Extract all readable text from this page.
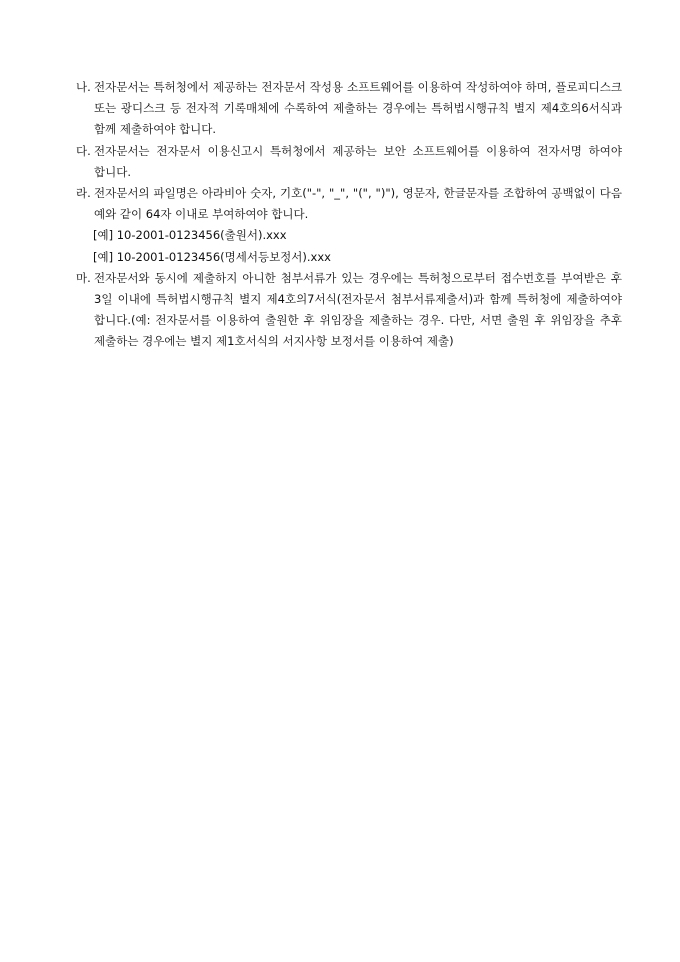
나. 전자문서는 특허청에서 제공하는 전자문서 작성용 소프트웨어를 이용하여 작성하여야 하며, 플로피디스크 또는 광디스크 등 전자적 기록매체에 수록하여 제출하는 경우에는 특허법시행규칙 별지 제4호의6서식과 함께 제출하여야 합니다.
다. 전자문서는 전자문서 이용신고시 특허청에서 제공하는 보안 소프트웨어를 이용하여 전자서명 하여야 합니다.
라. 전자문서의 파일명은 아라비아 숫자, 기호("-", "_", "(", ")"), 영문자, 한글문자를 조합하여 공백없이 다음 예와 같이 64자 이내로 부여하여야 합니다.
[예] 10-2001-0123456(출원서).xxx
[예] 10-2001-0123456(명세서등보정서).xxx
마. 전자문서와 동시에 제출하지 아니한 첨부서류가 있는 경우에는 특허청으로부터 접수번호를 부여받은 후 3일 이내에 특허법시행규칙 별지 제4호의7서식(전자문서 첨부서류제출서)과 함께 특허청에 제출하여야 합니다.(예: 전자문서를 이용하여 출원한 후 위임장을 제출하는 경우. 다만, 서면 출원 후 위임장을 추후 제출하는 경우에는 별지 제1호서식의 서지사항 보정서를 이용하여 제출)
